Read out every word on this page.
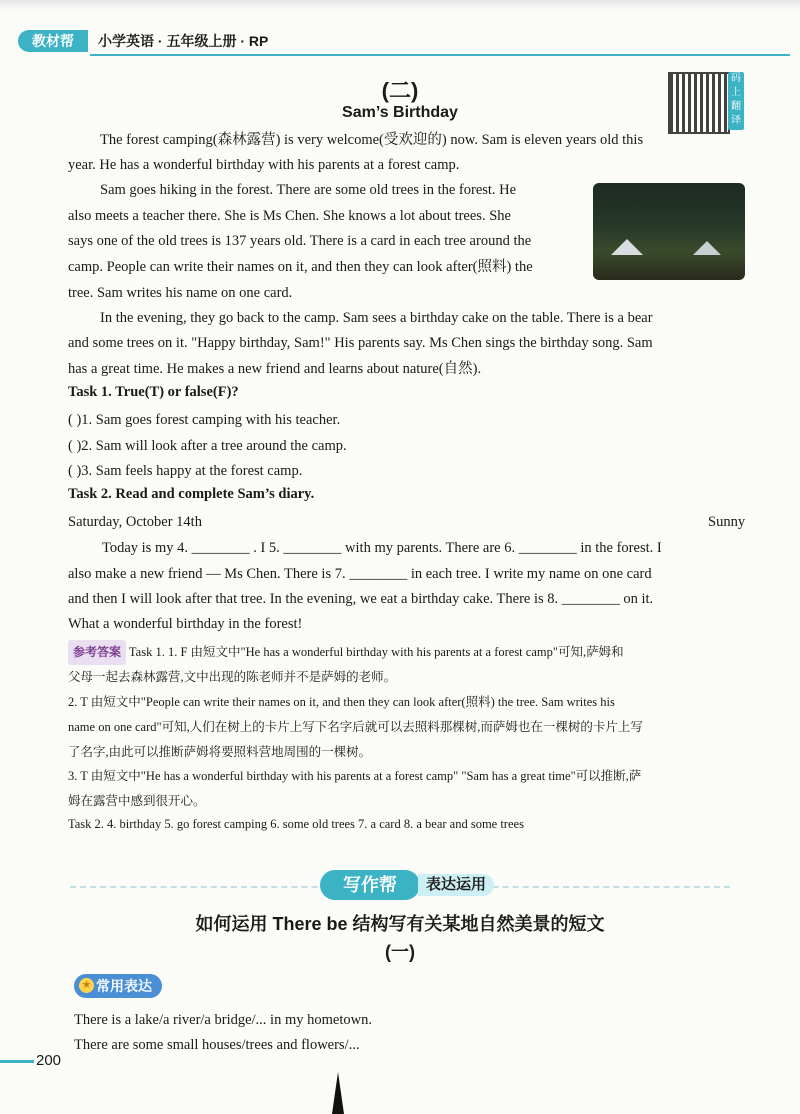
教材帮	小学英语 · 五年级上册 · RP
(二)
Sam’s Birthday
码上翻译
The forest camping(森林露营) is very welcome(受欢迎的) now. Sam is eleven years old this
year. He has a wonderful birthday with his parents at a forest camp.
Sam goes hiking in the forest. There are some old trees in the forest. He
also meets a teacher there. She is Ms Chen. She knows a lot about trees. She
says one of the old trees is 137 years old. There is a card in each tree around the
camp. People can write their names on it, and then they can look after(照料) the
tree. Sam writes his name on one card.
In the evening, they go back to the camp. Sam sees a birthday cake on the table. There is a bear
and some trees on it. "Happy birthday, Sam!" His parents say. Ms Chen sings the birthday song. Sam
has a great time. He makes a new friend and learns about nature(自然).
Task 1. True(T) or false(F)?
( )1. Sam goes forest camping with his teacher.
( )2. Sam will look after a tree around the camp.
( )3. Sam feels happy at the forest camp.
Task 2. Read and complete Sam’s diary.
Saturday, October 14th	Sunny
Today is my 4. ________ . I 5. ________ with my parents. There are 6. ________ in the forest. I
also make a new friend — Ms Chen. There is 7. ________ in each tree. I write my name on one card
and then I will look after that tree. In the evening, we eat a birthday cake. There is 8. ________ on it.
What a wonderful birthday in the forest!
参考答案 Task 1. 1. F 由短文中"He has a wonderful birthday with his parents at a forest camp"可知,萨姆和
父母一起去森林露营,文中出现的陈老师并不是萨姆的老师。
2. T 由短文中"People can write their names on it, and then they can look after(照料) the tree. Sam writes his
name on one card"可知,人们在树上的卡片上写下名字后就可以去照料那棵树,而萨姆也在一棵树的卡片上写
了名字,由此可以推断萨姆将要照料营地周围的一棵树。
3. T 由短文中"He has a wonderful birthday with his parents at a forest camp" "Sam has a great time"可以推断,萨
姆在露营中感到很开心。
Task 2. 4. birthday 5. go forest camping 6. some old trees 7. a card 8. a bear and some trees
写作帮	表达运用
如何运用 There be 结构写有关某地自然美景的短文
(一)
★ 常用表达
There is a lake/a river/a bridge/... in my hometown.
There are some small houses/trees and flowers/...
200
